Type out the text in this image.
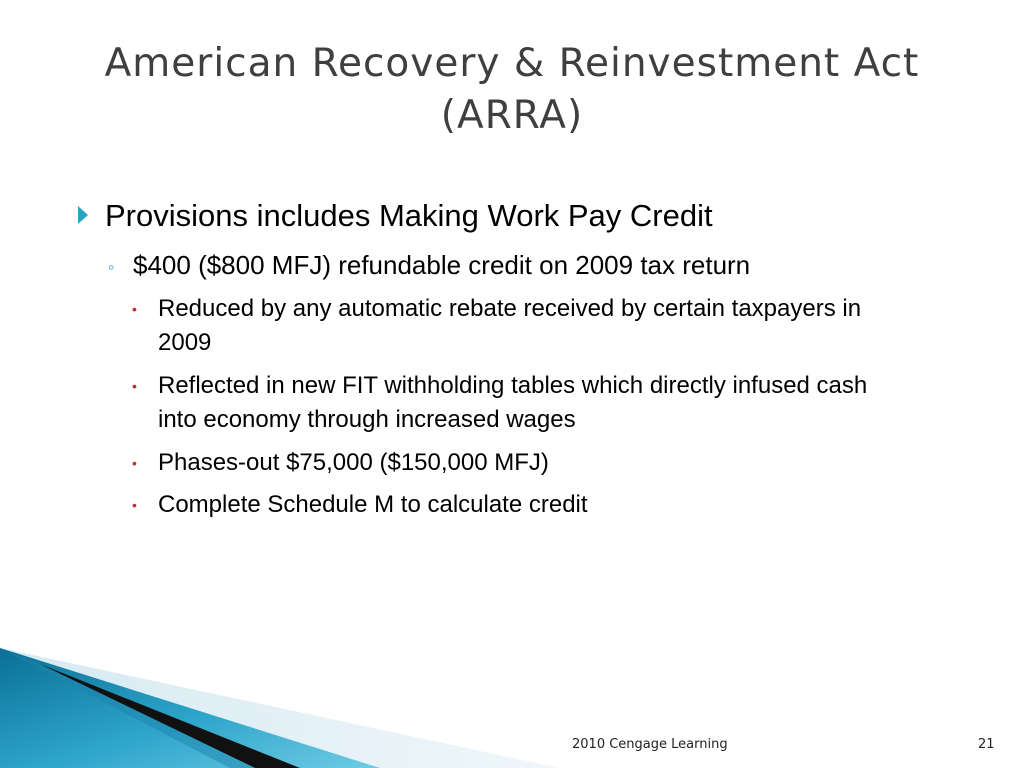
American Recovery & Reinvestment Act (ARRA)
Provisions includes Making Work Pay Credit
◦ $400 ($800 MFJ) refundable credit on 2009 tax return
• Reduced by any automatic rebate received by certain taxpayers in 2009
• Reflected in new FIT withholding tables which directly infused cash into economy through increased wages
• Phases-out $75,000 ($150,000 MFJ)
• Complete Schedule M to calculate credit
2010 Cengage Learning	21
